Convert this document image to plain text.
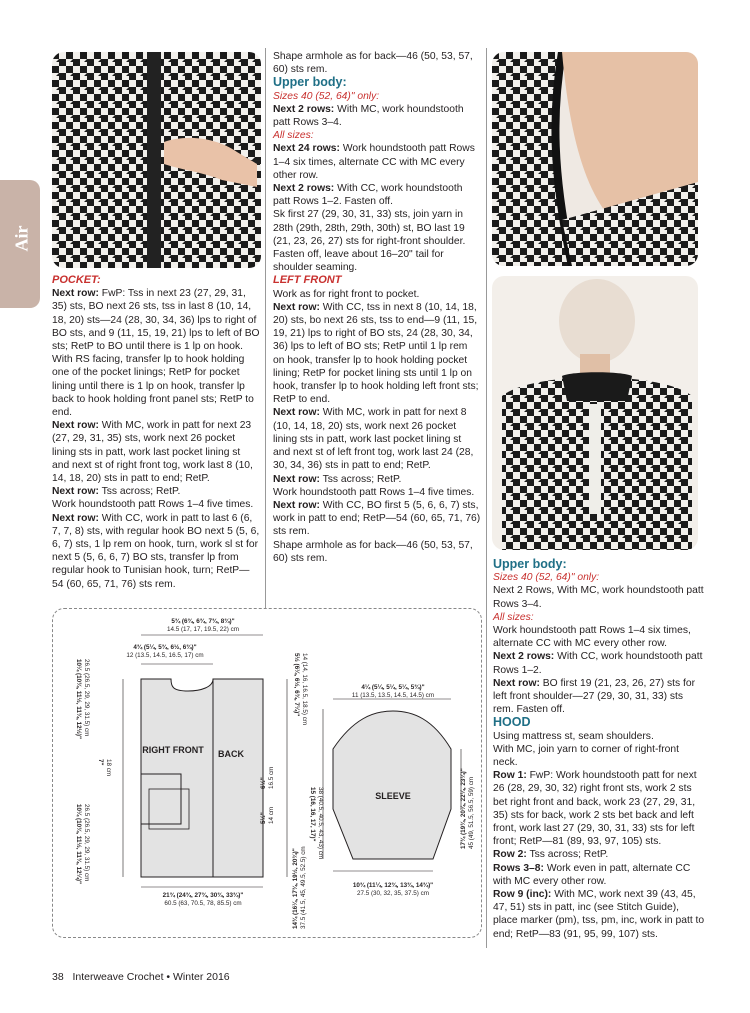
Air

POCKET:

Next row: FwP: Tss in next 23 (27, 29, 31, 35) sts, BO next 26 sts, tss in last 8 (10, 14, 18, 20) sts—24 (28, 30, 34, 36) lps to right of BO sts, and 9 (11, 15, 19, 21) lps to left of BO sts; RetP to BO until there is 1 lp on hook. With RS facing, transfer lp to hook holding one of the pocket linings; RetP for pocket lining until there is 1 lp on hook, transfer lp back to hook holding front panel sts; RetP to end.

Next row: With MC, work in patt for next 23 (27, 29, 31, 35) sts, work next 26 pocket lining sts in patt, work last pocket lining st and next st of right front tog, work last 8 (10, 14, 18, 20) sts in patt to end; RetP.

Next row: Tss across; RetP.

Work houndstooth patt Rows 1–4 five times.

Next row: With CC, work in patt to last 6 (6, 7, 7, 8) sts, with regular hook BO next 5 (5, 6, 6, 7) sts, 1 lp rem on hook, turn, work sl st for next 5 (5, 6, 6, 7) BO sts, transfer lp from regular hook to Tunisian hook, turn; RetP—54 (60, 65, 71, 76) sts rem.

Shape armhole as for back—46 (50, 53, 57, 60) sts rem.

Upper body:

Sizes 40 (52, 64)" only:

Next 2 rows: With MC, work houndstooth patt Rows 3–4.

All sizes:

Next 24 rows: Work houndstooth patt Rows 1–4 six times, alternate CC with MC every other row.

Next 2 rows: With CC, work houndstooth patt Rows 1–2. Fasten off.

Sk first 27 (29, 30, 31, 33) sts, join yarn in 28th (29th, 28th, 29th, 30th) st, BO last 19 (21, 23, 26, 27) sts for right-front shoulder. Fasten off, leave about 16–20" tail for shoulder seaming.

LEFT FRONT

Work as for right front to pocket.

Next row: With CC, tss in next 8 (10, 14, 18, 20) sts, bo next 26 sts, tss to end—9 (11, 15, 19, 21) lps to right of BO sts, 24 (28, 30, 34, 36) lps to left of BO sts; RetP until 1 lp rem on hook, transfer lp to hook holding pocket lining; RetP for pocket lining sts until 1 lp on hook, transfer lp to hook holding left front sts; RetP to end.

Next row: With MC, work in patt for next 8 (10, 14, 18, 20) sts, work next 26 pocket lining sts in patt, work last pocket lining st and next st of left front tog, work last 24 (28, 30, 34, 36) sts in patt to end; RetP.

Next row: Tss across; RetP.

Work houndstooth patt Rows 1–4 five times.

Next row: With CC, BO first 5 (5, 6, 6, 7) sts, work in patt to end; RetP—54 (60, 65, 71, 76) sts rem.

Shape armhole as for back—46 (50, 53, 57, 60) sts rem.	Upper body:

Sizes 40 (52, 64)" only:

Next 2 Rows, With MC, work houndstooth patt Rows 3–4.

All sizes:

Work houndstooth patt Rows 1–4 six times, alternate CC with MC every other row.

Next 2 rows: With CC, work houndstooth patt Rows 1–2.

Next row: BO first 19 (21, 23, 26, 27) sts for left front shoulder—27 (29, 30, 31, 33) sts rem. Fasten off.

HOOD

Using mattress st, seam shoulders.

With MC, join yarn to corner of right-front neck.

Row 1: FwP: Work houndstooth patt for next 26 (28, 29, 30, 32) right front sts, work 2 sts bet right front and back, work 23 (27, 29, 31, 35) sts for back, work 2 sts bet back and left front, work last 27 (29, 30, 31, 33) sts for left front; RetP—81 (89, 93, 97, 105) sts.

Row 2: Tss across; RetP.

Rows 3–8: Work even in patt, alternate CC with MC every other row.

Row 9 (inc): With MC, work next 39 (43, 45, 47, 51) sts in patt, inc (see Stitch Guide), place marker (pm), tss, pm, inc, work in patt to end; RetP—83 (91, 95, 99, 107) sts.

RIGHT FRONT BACK
SLEEVE
5¾ (6¾, 6¾, 7¾, 8¾)"
14.5 (17, 17, 19.5, 22) cm
4¾ (5¼, 5¾, 6½, 6¾)"
12 (13.5, 14.5, 16.5, 17) cm
21¾ (24¾, 27¾, 30¾, 33¾)"
60.5 (63, 70.5, 78, 85.5) cm
10¼ (10¾, 11½, 11¾, 12½)" 26.5 (26.5, 29, 29, 31.5) cm
7" 18 cm
10¼ (10¾, 11½, 11¾, 12¼)" 26.5 (26.5, 29, 29, 31.5) cm
6½" 16.5 cm
5½" 14 cm
14¾ (16¼, 17¾, 19½, 20¾)" 37.5 (41.5, 45, 49.5, 52.5) cm
5½ (6¼, 6½, 6¾, 7¼)" 14 (14, 16, 16.5, 18.5) cm	4¼ (5¼, 5¼, 5¼, 5¾)"
11 (13.5, 13.5, 14.5, 14.5) cm
15 (16, 16, 17, 17)" 38 (40.5, 40.5, 43, 43) cm	17¾ (19¾, 20¼, 22¼, 23¼)" 45 (49, 51.5, 56.5, 59) cm
10¾ (11¼, 12¾, 13¾, 14¾)"
27.5 (30, 32, 35, 37.5) cm
38 Interweave Crochet • Winter 2016
